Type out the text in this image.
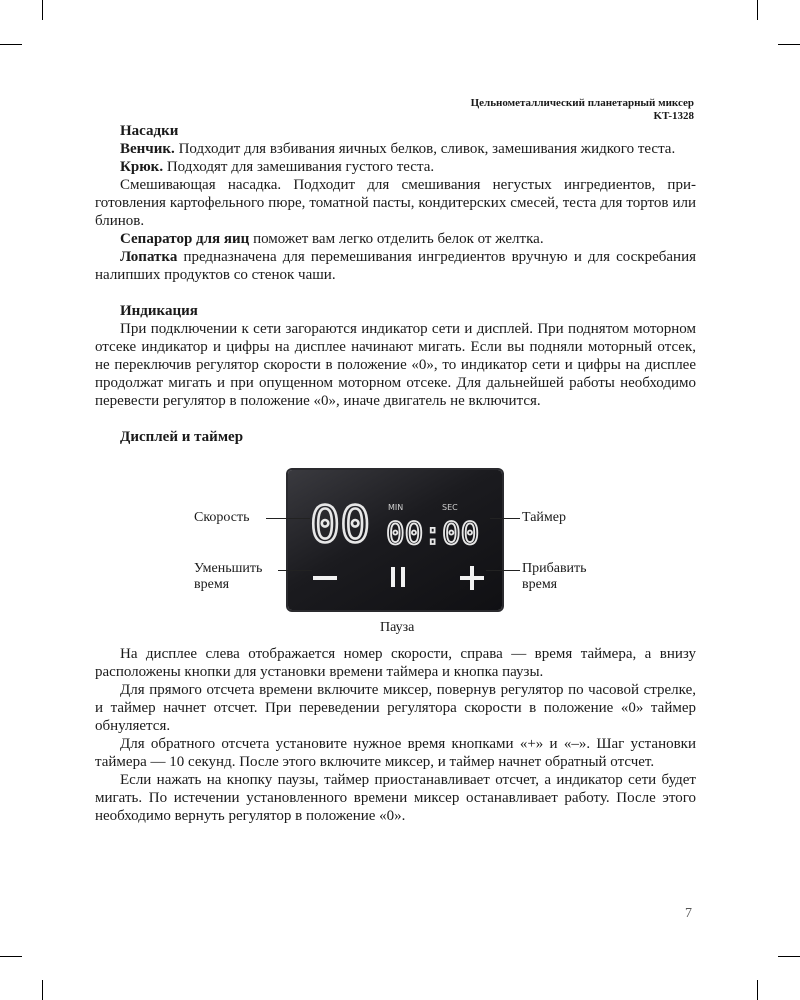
Цельнометаллический планетарный миксер
KT-1328

Насадки

Венчик. Подходит для взбивания яичных белков, сливок, замешивания жидкого теста.

Крюк. Подходят для замешивания густого теста.

Смешивающая насадка. Подходит для смешивания негустых ингредиентов, приготовления картофельного пюре, томатной пасты, кондитерских смесей, теста для тортов или блинов.

Сепаратор для яиц поможет вам легко отделить белок от желтка.

Лопатка предназначена для перемешивания ингредиентов вручную и для соскребания налипших продуктов со стенок чаши.

Индикация

При подключении к сети загораются индикатор сети и дисплей. При поднятом моторном отсеке индикатор и цифры на дисплее начинают мигать. Если вы подняли моторный отсек, не переключив регулятор скорости в положение «0», то индикатор сети и цифры на дисплее продолжат мигать и при опущенном моторном отсеке. Для дальнейшей работы необходимо перевести регулятор в положение «0», иначе двигатель не включится.

Дисплей и таймер

00 MIN	SEC
00:00
Скорость	Таймер
Уменьшить
время
Прибавить
время
Пауза

На дисплее слева отображается номер скорости, справа — время таймера, а внизу расположены кнопки для установки времени таймера и кнопка паузы.

Для прямого отсчета времени включите миксер, повернув регулятор по часовой стрелке, и таймер начнет отсчет. При переведении регулятора скорости в положение «0» таймер обнуляется.

Для обратного отсчета установите нужное время кнопками «+» и «–». Шаг установки таймера — 10 секунд. После этого включите миксер, и таймер начнет обратный отсчет.

Если нажать на кнопку паузы, таймер приостанавливает отсчет, а индикатор сети будет мигать. По истечении установленного времени миксер останавливает работу. После этого необходимо вернуть регулятор в положение «0».

7
